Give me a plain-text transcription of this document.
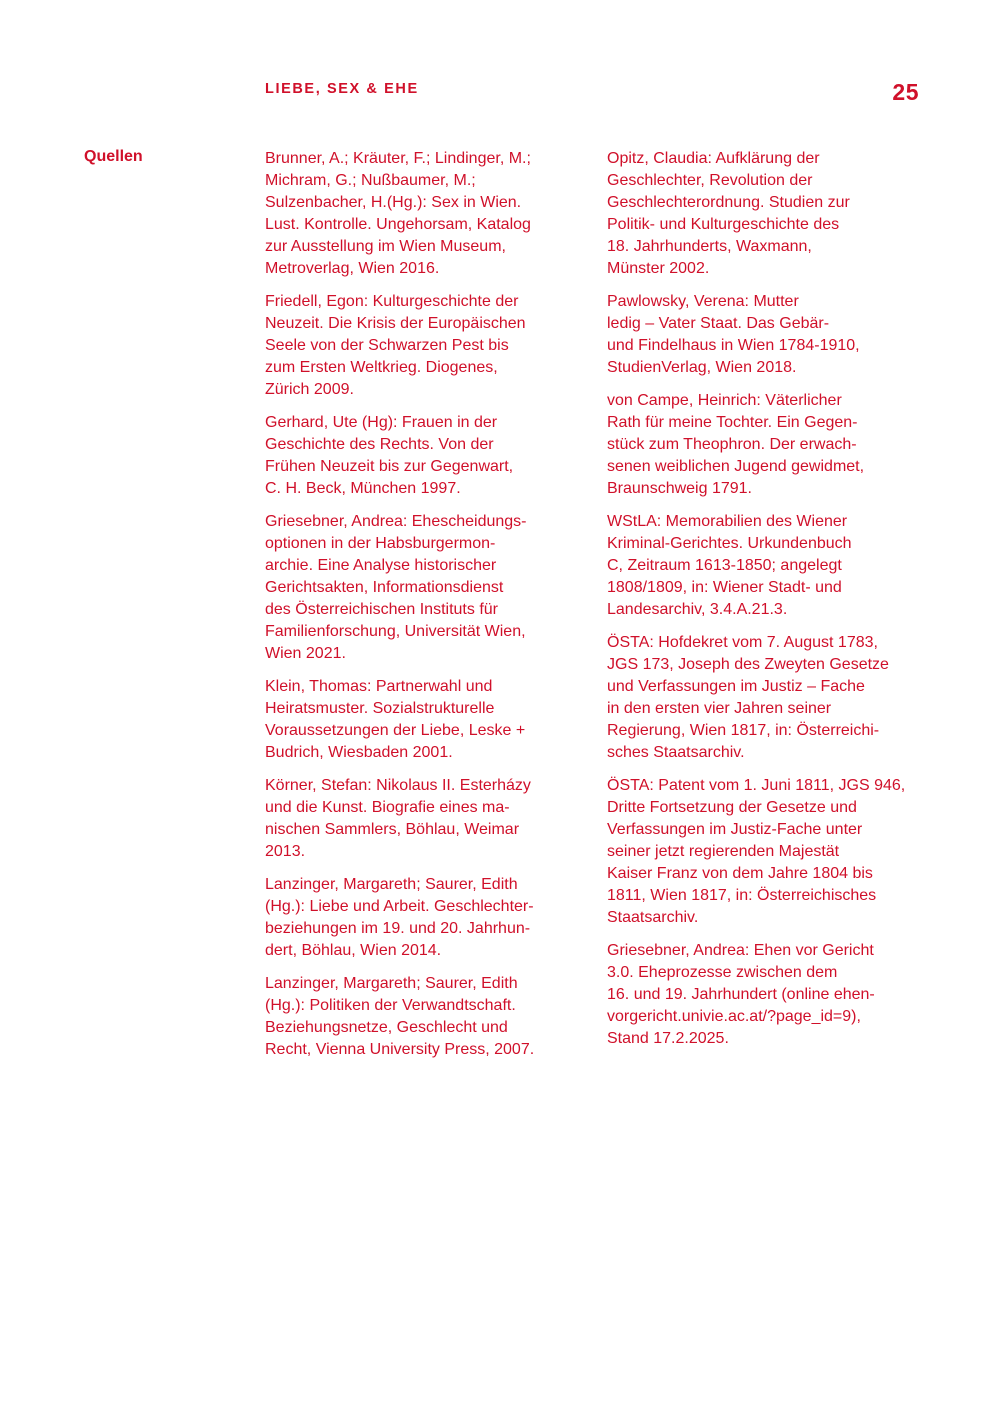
LIEBE, SEX & EHE	25
Quellen	Brunner, A.; Kräuter, F.; Lindinger, M.;
Michram, G.; Nußbaumer, M.;
Sulzenbacher, H.(Hg.): Sex in Wien.
Lust. Kontrolle. Ungehorsam, Katalog
zur Ausstellung im Wien Museum,
Metroverlag, Wien 2016.
Friedell, Egon: Kulturgeschichte der
Neuzeit. Die Krisis der Europäischen
Seele von der Schwarzen Pest bis
zum Ersten Weltkrieg. Diogenes,
Zürich 2009.
Gerhard, Ute (Hg): Frauen in der
Geschichte des Rechts. Von der
Frühen Neuzeit bis zur Gegenwart,
C. H. Beck, München 1997.
Griesebner, Andrea: Ehescheidungs-
optionen in der Habsburgermon-
archie. Eine Analyse historischer
Gerichtsakten, Informationsdienst
des Österreichischen Instituts für
Familienforschung, Universität Wien,
Wien 2021.
Klein, Thomas: Partnerwahl und
Heiratsmuster. Sozialstrukturelle
Voraussetzungen der Liebe, Leske +
Budrich, Wiesbaden 2001.
Körner, Stefan: Nikolaus II. Esterházy
und die Kunst. Biografie eines ma-
nischen Sammlers, Böhlau, Weimar
2013.
Lanzinger, Margareth; Saurer, Edith
(Hg.): Liebe und Arbeit. Geschlechter-
beziehungen im 19. und 20. Jahrhun-
dert, Böhlau, Wien 2014.
Lanzinger, Margareth; Saurer, Edith
(Hg.): Politiken der Verwandtschaft.
Beziehungsnetze, Geschlecht und
Recht, Vienna University Press, 2007.
Opitz, Claudia: Aufklärung der
Geschlechter, Revolution der
Geschlechterordnung. Studien zur
Politik- und Kulturgeschichte des
18. Jahrhunderts, Waxmann,
Münster 2002.
Pawlowsky, Verena: Mutter
ledig – Vater Staat. Das Gebär-
und Findelhaus in Wien 1784-1910,
StudienVerlag, Wien 2018.
von Campe, Heinrich: Väterlicher
Rath für meine Tochter. Ein Gegen-
stück zum Theophron. Der erwach-
senen weiblichen Jugend gewidmet,
Braunschweig 1791.
WStLA: Memorabilien des Wiener
Kriminal-Gerichtes. Urkundenbuch
C, Zeitraum 1613-1850; angelegt
1808/1809, in: Wiener Stadt- und
Landesarchiv, 3.4.A.21.3.
ÖSTA: Hofdekret vom 7. August 1783,
JGS 173, Joseph des Zweyten Gesetze
und Verfassungen im Justiz – Fache
in den ersten vier Jahren seiner
Regierung, Wien 1817, in: Österreichi-
sches Staatsarchiv.
ÖSTA: Patent vom 1. Juni 1811, JGS 946,
Dritte Fortsetzung der Gesetze und
Verfassungen im Justiz-Fache unter
seiner jetzt regierenden Majestät
Kaiser Franz von dem Jahre 1804 bis
1811, Wien 1817, in: Österreichisches
Staatsarchiv.
Griesebner, Andrea: Ehen vor Gericht
3.0. Eheprozesse zwischen dem
16. und 19. Jahrhundert (online ehen-
vorgericht.univie.ac.at/?page_id=9),
Stand 17.2.2025.
